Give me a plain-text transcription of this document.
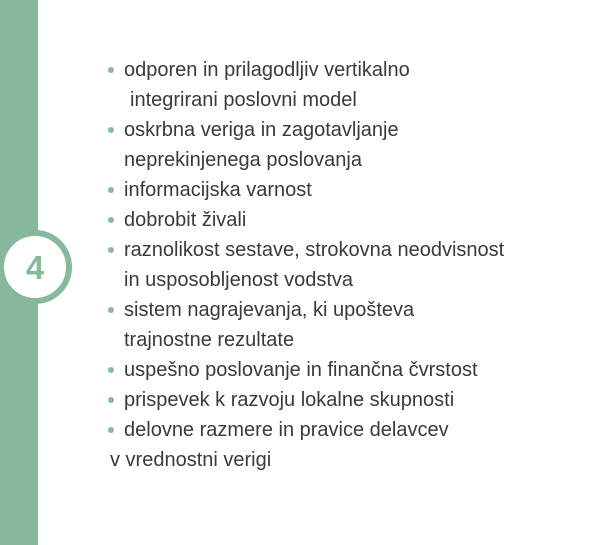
4
odporen in prilagodljiv vertikalno
integrirani poslovni model
oskrbna veriga in zagotavljanje
neprekinjenega poslovanja
informacijska varnost
dobrobit živali
raznolikost sestave, strokovna neodvisnost
in usposobljenost vodstva
sistem nagrajevanja, ki upošteva
trajnostne rezultate
uspešno poslovanje in finančna čvrstost
prispevek k razvoju lokalne skupnosti
delovne razmere in pravice delavcev
v vrednostni verigi
